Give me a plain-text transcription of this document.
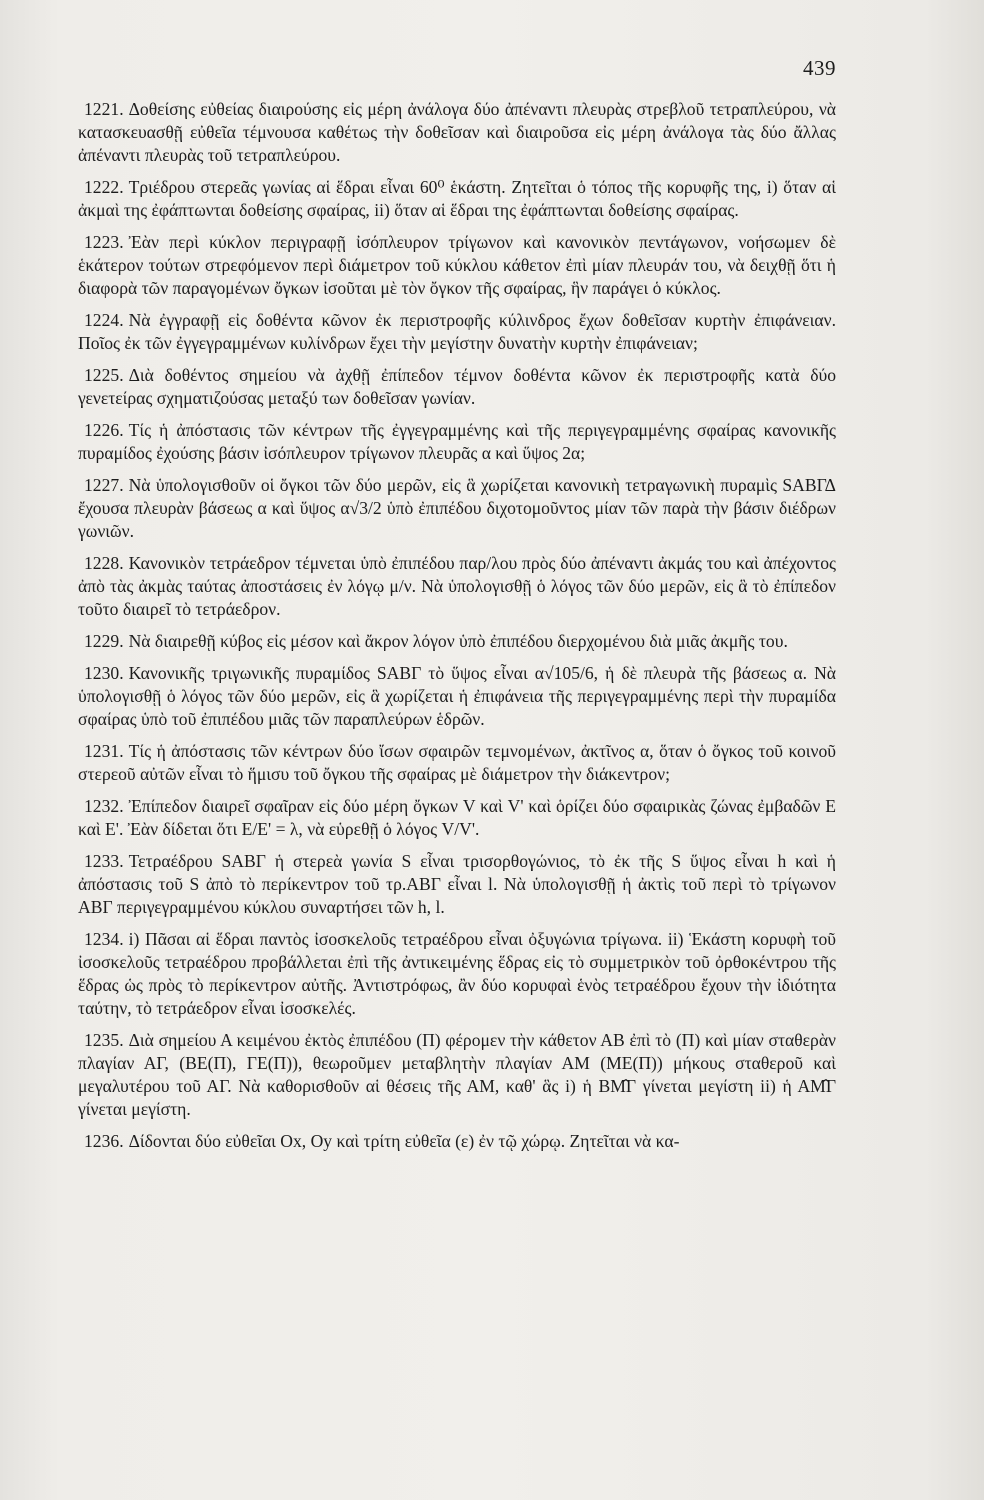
439

1221. Δοθείσης εὐθείας διαιρούσης εἰς μέρη ἀνάλογα δύο ἀπέναντι πλευρὰς στρεβλοῦ τετραπλεύρου, νὰ κατασκευασθῇ εὐθεῖα τέμνουσα καθέτως τὴν δοθεῖσαν καὶ διαιροῦσα εἰς μέρη ἀνάλογα τὰς δύο ἄλλας ἀπέναντι πλευρὰς τοῦ τετραπλεύρου.

1222. Τριέδρου στερεᾶς γωνίας αἱ ἕδραι εἶναι 60⁰ ἑκάστη. Ζητεῖται ὁ τόπος τῆς κορυφῆς της, i) ὅταν αἱ ἀκμαὶ της ἐφάπτωνται δοθείσης σφαίρας, ii) ὅταν αἱ ἕδραι της ἐφάπτωνται δοθείσης σφαίρας.

1223. Ἐὰν περὶ κύκλον περιγραφῇ ἰσόπλευρον τρίγωνον καὶ κανονικὸν πεντάγωνον, νοήσωμεν δὲ ἑκάτερον τούτων στρεφόμενον περὶ διάμετρον τοῦ κύκλου κάθετον ἐπὶ μίαν πλευράν του, νὰ δειχθῇ ὅτι ἡ διαφορὰ τῶν παραγομένων ὄγκων ἰσοῦται μὲ τὸν ὄγκον τῆς σφαίρας, ἣν παράγει ὁ κύκλος.

1224. Νὰ ἐγγραφῇ εἰς δοθέντα κῶνον ἐκ περιστροφῆς κύλινδρος ἔχων δοθεῖσαν κυρτὴν ἐπιφάνειαν. Ποῖος ἐκ τῶν ἐγγεγραμμένων κυλίνδρων ἔχει τὴν μεγίστην δυνατὴν κυρτὴν ἐπιφάνειαν;

1225. Διὰ δοθέντος σημείου νὰ ἀχθῇ ἐπίπεδον τέμνον δοθέντα κῶνον ἐκ περιστροφῆς κατὰ δύο γενετείρας σχηματιζούσας μεταξύ των δοθεῖσαν γωνίαν.

1226. Τίς ἡ ἀπόστασις τῶν κέντρων τῆς ἐγγεγραμμένης καὶ τῆς περιγεγραμμένης σφαίρας κανονικῆς πυραμίδος ἐχούσης βάσιν ἰσόπλευρον τρίγωνον πλευρᾶς α καὶ ὕψος 2α;

1227. Νὰ ὑπολογισθοῦν οἱ ὄγκοι τῶν δύο μερῶν, εἰς ἃ χωρίζεται κανονικὴ τετραγωνικὴ πυραμὶς SΑΒΓΔ ἔχουσα πλευρὰν βάσεως α καὶ ὕψος α√3/2 ὑπὸ ἐπιπέδου διχοτομοῦντος μίαν τῶν παρὰ τὴν βάσιν διέδρων γωνιῶν.

1228. Κανονικὸν τετράεδρον τέμνεται ὑπὸ ἐπιπέδου παρ/λου πρὸς δύο ἀπέναντι ἀκμάς του καὶ ἀπέχοντος ἀπὸ τὰς ἀκμὰς ταύτας ἀποστάσεις ἐν λόγῳ μ/ν. Νὰ ὑπολογισθῇ ὁ λόγος τῶν δύο μερῶν, εἰς ἃ τὸ ἐπίπεδον τοῦτο διαιρεῖ τὸ τετράεδρον.

1229. Νὰ διαιρεθῇ κύβος εἰς μέσον καὶ ἄκρον λόγον ὑπὸ ἐπιπέδου διερχομένου διὰ μιᾶς ἀκμῆς του.

1230. Κανονικῆς τριγωνικῆς πυραμίδος SΑΒΓ τὸ ὕψος εἶναι α√105/6, ἡ δὲ πλευρὰ τῆς βάσεως α. Νὰ ὑπολογισθῇ ὁ λόγος τῶν δύο μερῶν, εἰς ἃ χωρίζεται ἡ ἐπιφάνεια τῆς περιγεγραμμένης περὶ τὴν πυραμίδα σφαίρας ὑπὸ τοῦ ἐπιπέδου μιᾶς τῶν παραπλεύρων ἑδρῶν.

1231. Τίς ἡ ἀπόστασις τῶν κέντρων δύο ἴσων σφαιρῶν τεμνομένων, ἀκτῖνος α, ὅταν ὁ ὄγκος τοῦ κοινοῦ στερεοῦ αὐτῶν εἶναι τὸ ἥμισυ τοῦ ὄγκου τῆς σφαίρας μὲ διάμετρον τὴν διάκεντρον;

1232. Ἐπίπεδον διαιρεῖ σφαῖραν εἰς δύο μέρη ὄγκων V καὶ V' καὶ ὁρίζει δύο σφαιρικὰς ζώνας ἐμβαδῶν Ε καὶ Ε'. Ἐὰν δίδεται ὅτι Ε/Ε' = λ, νὰ εὑρεθῇ ὁ λόγος V/V'.

1233. Τετραέδρου SΑΒΓ ἡ στερεὰ γωνία S εἶναι τρισορθογώνιος, τὸ ἐκ τῆς S ὕψος εἶναι h καὶ ἡ ἀπόστασις τοῦ S ἀπὸ τὸ περίκεντρον τοῦ τρ.ΑΒΓ εἶναι l. Νὰ ὑπολογισθῇ ἡ ἀκτὶς τοῦ περὶ τὸ τρίγωνον ΑΒΓ περιγεγραμμένου κύκλου συναρτήσει τῶν h, l.

1234. i) Πᾶσαι αἱ ἕδραι παντὸς ἰσοσκελοῦς τετραέδρου εἶναι ὀξυγώνια τρίγωνα. ii) Ἑκάστη κορυφὴ τοῦ ἰσοσκελοῦς τετραέδρου προβάλλεται ἐπὶ τῆς ἀντικειμένης ἕδρας εἰς τὸ συμμετρικὸν τοῦ ὀρθοκέντρου τῆς ἕδρας ὡς πρὸς τὸ περίκεντρον αὐτῆς. Ἀντιστρόφως, ἂν δύο κορυφαὶ ἑνὸς τετραέδρου ἔχουν τὴν ἰδιότητα ταύτην, τὸ τετράεδρον εἶναι ἰσοσκελές.

1235. Διὰ σημείου Α κειμένου ἐκτὸς ἐπιπέδου (Π) φέρομεν τὴν κάθετον ΑΒ ἐπὶ τὸ (Π) καὶ μίαν σταθερὰν πλαγίαν ΑΓ, (ΒΕ(Π), ΓΕ(Π)), θεωροῦμεν μεταβλητὴν πλαγίαν ΑΜ (ΜΕ(Π)) μήκους σταθεροῦ καὶ μεγαλυτέρου τοῦ ΑΓ. Νὰ καθορισθοῦν αἱ θέσεις τῆς ΑΜ, καθ' ἃς i) ἡ ΒΜ̂Γ γίνεται μεγίστη ii) ἡ ΑΜ̂Γ γίνεται μεγίστη.

1236. Δίδονται δύο εὐθεῖαι Οx, Οy καὶ τρίτη εὐθεῖα (ε) ἐν τῷ χώρῳ. Ζητεῖται νὰ κα-
